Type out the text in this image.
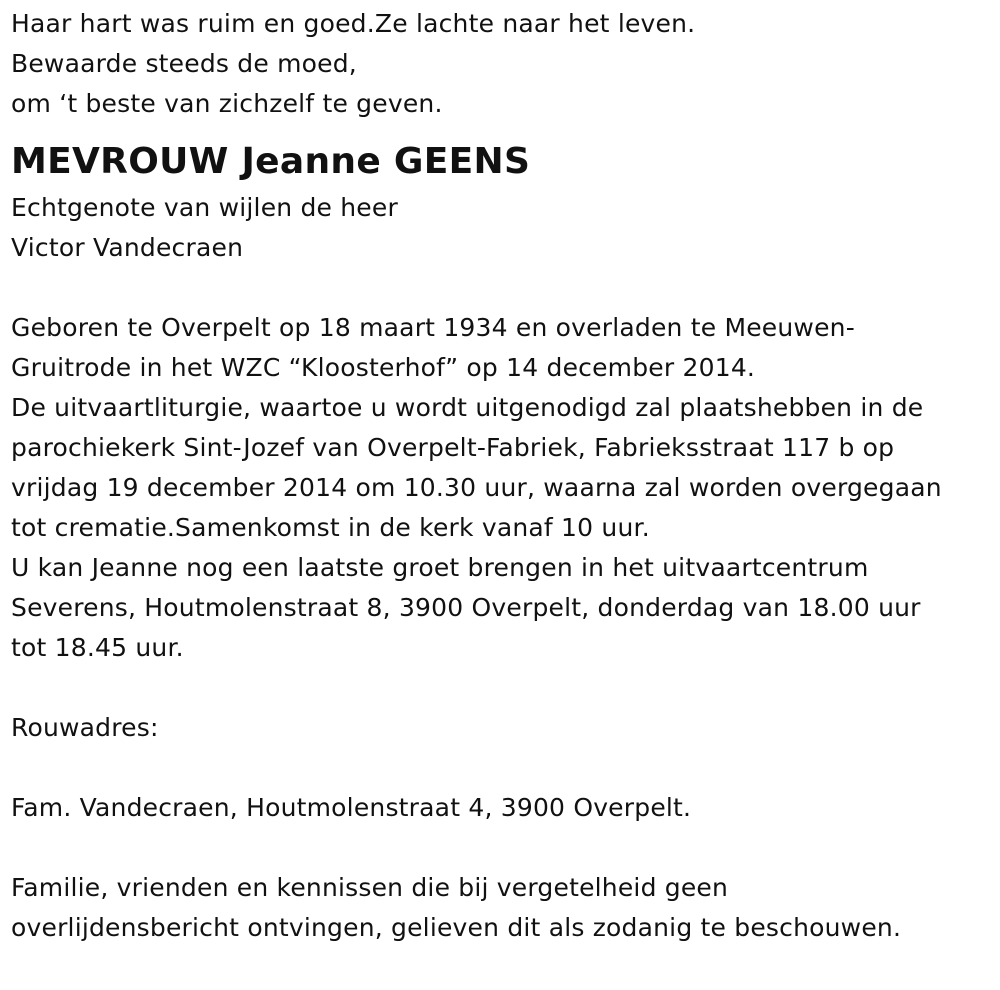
Haar hart was ruim en goed.Ze lachte naar het leven.
Bewaarde steeds de moed,
om ‘t beste van zichzelf te geven.
MEVROUW Jeanne GEENS
Echtgenote van wijlen de heer
Victor Vandecraen
Geboren te Overpelt op 18 maart 1934 en overladen te Meeuwen-
Gruitrode in het WZC “Kloosterhof” op 14 december 2014.
De uitvaartliturgie, waartoe u wordt uitgenodigd zal plaatshebben in de
parochiekerk Sint-Jozef van Overpelt-Fabriek, Fabrieksstraat 117 b op
vrijdag 19 december 2014 om 10.30 uur, waarna zal worden overgegaan
tot crematie.Samenkomst in de kerk vanaf 10 uur.
U kan Jeanne nog een laatste groet brengen in het uitvaartcentrum
Severens, Houtmolenstraat 8, 3900 Overpelt, donderdag van 18.00 uur
tot 18.45 uur.
Rouwadres:
Fam. Vandecraen, Houtmolenstraat 4, 3900 Overpelt.
Familie, vrienden en kennissen die bij vergetelheid geen
overlijdensbericht ontvingen, gelieven dit als zodanig te beschouwen.
